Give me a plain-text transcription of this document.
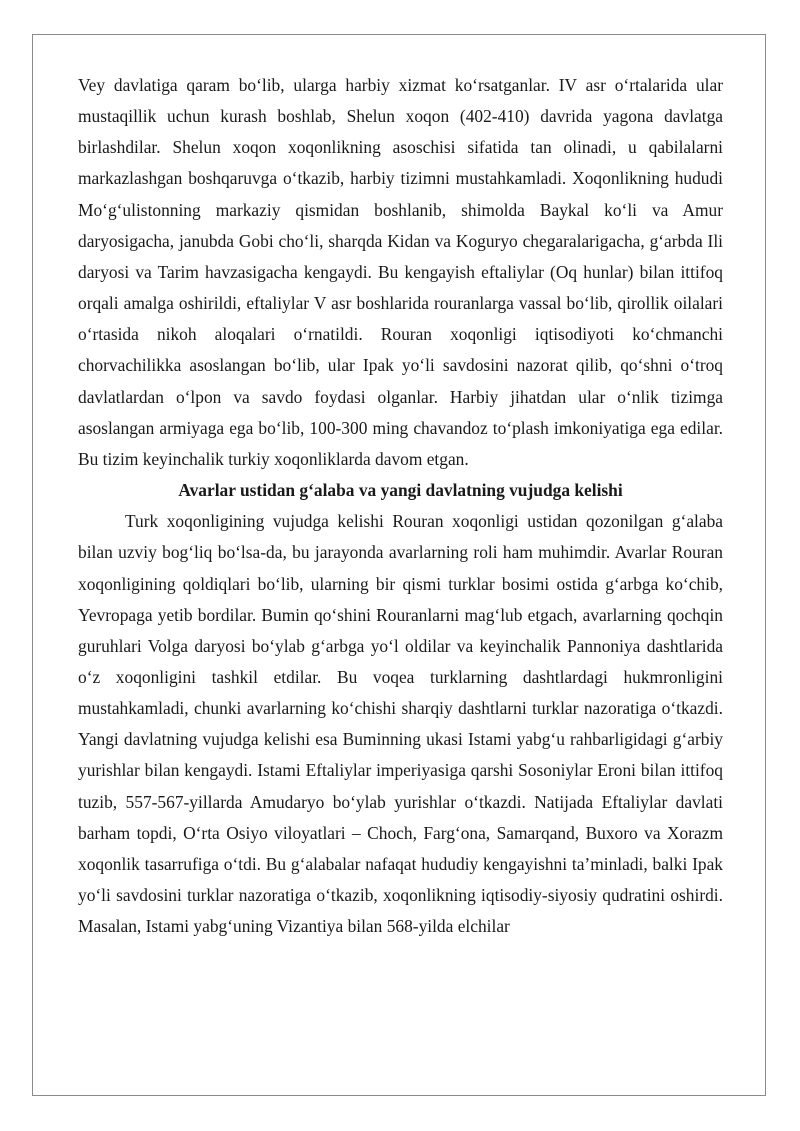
Vey davlatiga qaram bo‘lib, ularga harbiy xizmat ko‘rsatganlar. IV asr o‘rtalarida ular mustaqillik uchun kurash boshlab, Shelun xoqon (402-410) davrida yagona davlatga birlashdilar. Shelun xoqon xoqonlikning asoschisi sifatida tan olinadi, u qabilalarni markazlashgan boshqaruvga o‘tkazib, harbiy tizimni mustahkamladi. Xoqonlikning hududi Mo‘g‘ulistonning markaziy qismidan boshlanib, shimolda Baykal ko‘li va Amur daryosigacha, janubda Gobi cho‘li, sharqda Kidan va Koguryo chegaralarigacha, g‘arbda Ili daryosi va Tarim havzasigacha kengaydi. Bu kengayish eftaliylar (Oq hunlar) bilan ittifoq orqali amalga oshirildi, eftaliylar V asr boshlarida rouranlarga vassal bo‘lib, qirollik oilalari o‘rtasida nikoh aloqalari o‘rnatildi. Rouran xoqonligi iqtisodiyoti ko‘chmanchi chorvachilikka asoslangan bo‘lib, ular Ipak yo‘li savdosini nazorat qilib, qo‘shni o‘troq davlatlardan o‘lpon va savdo foydasi olganlar. Harbiy jihatdan ular o‘nlik tizimga asoslangan armiyaga ega bo‘lib, 100-300 ming chavandoz to‘plash imkoniyatiga ega edilar. Bu tizim keyinchalik turkiy xoqonliklarda davom etgan.

Avarlar ustidan g‘alaba va yangi davlatning vujudga kelishi

Turk xoqonligining vujudga kelishi Rouran xoqonligi ustidan qozonilgan g‘alaba bilan uzviy bog‘liq bo‘lsa-da, bu jarayonda avarlarning roli ham muhimdir. Avarlar Rouran xoqonligining qoldiqlari bo‘lib, ularning bir qismi turklar bosimi ostida g‘arbga ko‘chib, Yevropaga yetib bordilar. Bumin qo‘shini Rouranlarni mag‘lub etgach, avarlarning qochqin guruhlari Volga daryosi bo‘ylab g‘arbga yo‘l oldilar va keyinchalik Pannoniya dashtlarida o‘z xoqonligini tashkil etdilar. Bu voqea turklarning dashtlardagi hukmronligini mustahkamladi, chunki avarlarning ko‘chishi sharqiy dashtlarni turklar nazoratiga o‘tkazdi. Yangi davlatning vujudga kelishi esa Buminning ukasi Istami yabg‘u rahbarligidagi g‘arbiy yurishlar bilan kengaydi. Istami Eftaliylar imperiyasiga qarshi Sosoniylar Eroni bilan ittifoq tuzib, 557-567-yillarda Amudaryo bo‘ylab yurishlar o‘tkazdi. Natijada Eftaliylar davlati barham topdi, O‘rta Osiyo viloyatlari – Choch, Farg‘ona, Samarqand, Buxoro va Xorazm xoqonlik tasarrufiga o‘tdi. Bu g‘alabalar nafaqat hududiy kengayishni ta’minladi, balki Ipak yo‘li savdosini turklar nazoratiga o‘tkazib, xoqonlikning iqtisodiy-siyosiy qudratini oshirdi. Masalan, Istami yabg‘uning Vizantiya bilan 568-yilda elchilar
